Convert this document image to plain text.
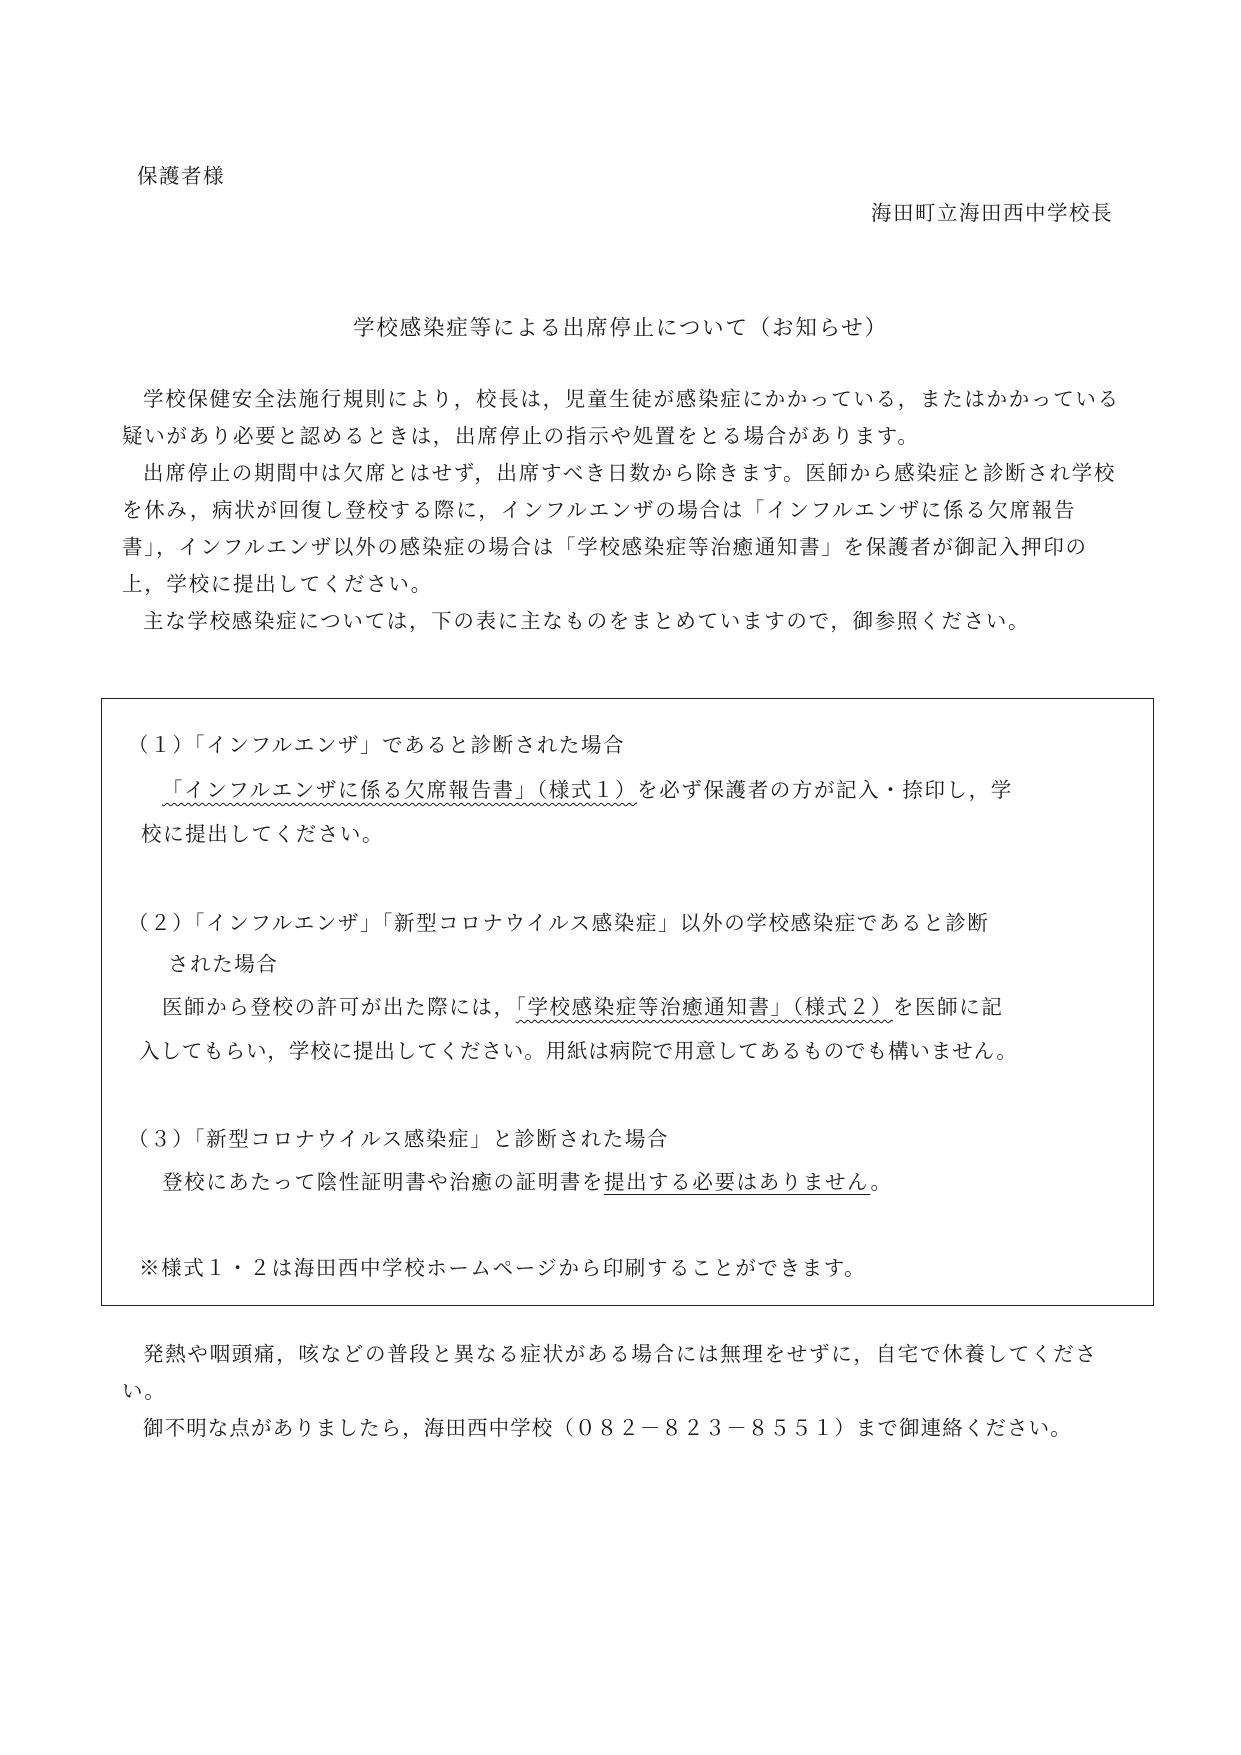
保護者様
海田町立海田西中学校長
学校感染症等による出席停止について（お知らせ）

学校保健安全法施行規則により，校長は，児童生徒が感染症にかかっている，またはかかっている疑いがあり必要と認めるときは，出席停止の指示や処置をとる場合があります。

出席停止の期間中は欠席とはせず，出席すべき日数から除きます。医師から感染症と診断され学校を休み，病状が回復し登校する際に，インフルエンザの場合は「インフルエンザに係る欠席報告書」，インフルエンザ以外の感染症の場合は「学校感染症等治癒通知書」を保護者が御記入押印の上，学校に提出してください。

主な学校感染症については，下の表に主なものをまとめていますので，御参照ください。

（１）「インフルエンザ」であると診断された場合
「インフルエンザに係る欠席報告書」（様式１）を必ず保護者の方が記入・捺印し，学
校に提出してください。
（２）「インフルエンザ」「新型コロナウイルス感染症」以外の学校感染症であると診断
された場合
医師から登校の許可が出た際には，「学校感染症等治癒通知書」（様式２）を医師に記
入してもらい，学校に提出してください。用紙は病院で用意してあるものでも構いません。
（３）「新型コロナウイルス感染症」と診断された場合
登校にあたって陰性証明書や治癒の証明書を提出する必要はありません。
※様式１・２は海田西中学校ホームページから印刷することができます。

発熱や咽頭痛，咳などの普段と異なる症状がある場合には無理をせずに，自宅で休養してください。

御不明な点がありましたら，海田西中学校（０８２－８２３－８５５１）まで御連絡ください。
